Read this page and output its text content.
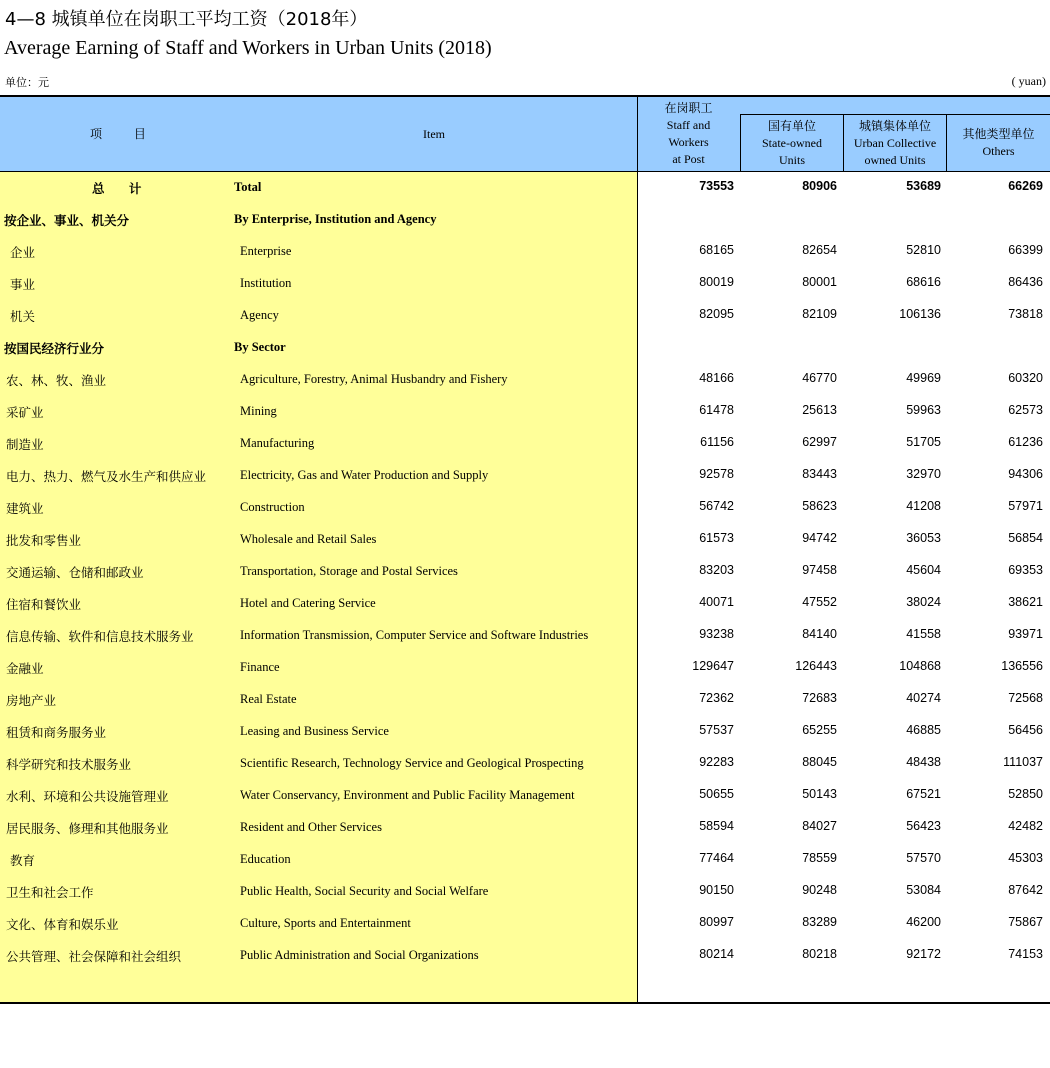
4—8 城镇单位在岗职工平均工资（2018年）
Average Earning of Staff and Workers in Urban Units (2018)
单位：元	( yuan)
项 目	Item
在岗职工
Staff and
Workers
at Post
国有单位
State-owned
Units
城镇集体单位
Urban Collective
owned Units
其他类型单位
Others
总 计	Total	73553	80906	53689	66269
按企业、事业、机关分	By Enterprise, Institution and Agency
企业	Enterprise	68165	82654	52810	66399
事业	Institution	80019	80001	68616	86436
机关	Agency	82095	82109	106136	73818
按国民经济行业分	By Sector
农、林、牧、渔业	Agriculture, Forestry, Animal Husbandry and Fishery	48166	46770	49969	60320
采矿业	Mining	61478	25613	59963	62573
制造业	Manufacturing	61156	62997	51705	61236
电力、热力、燃气及水生产和供应业	Electricity, Gas and Water Production and Supply	92578	83443	32970	94306
建筑业	Construction	56742	58623	41208	57971
批发和零售业	Wholesale and Retail Sales	61573	94742	36053	56854
交通运输、仓储和邮政业	Transportation, Storage and Postal Services	83203	97458	45604	69353
住宿和餐饮业	Hotel and Catering Service	40071	47552	38024	38621
信息传输、软件和信息技术服务业	Information Transmission, Computer Service and Software Industries	93238	84140	41558	93971
金融业	Finance	129647	126443	104868	136556
房地产业	Real Estate	72362	72683	40274	72568
租赁和商务服务业	Leasing and Business Service	57537	65255	46885	56456
科学研究和技术服务业	Scientific Research, Technology Service and Geological Prospecting	92283	88045	48438	111037
水利、环境和公共设施管理业	Water Conservancy, Environment and Public Facility Management	50655	50143	67521	52850
居民服务、修理和其他服务业	Resident and Other Services	58594	84027	56423	42482
教育	Education	77464	78559	57570	45303
卫生和社会工作	Public Health, Social Security and Social Welfare	90150	90248	53084	87642
文化、体育和娱乐业	Culture, Sports and Entertainment	80997	83289	46200	75867
公共管理、社会保障和社会组织	Public Administration and Social Organizations	80214	80218	92172	74153
